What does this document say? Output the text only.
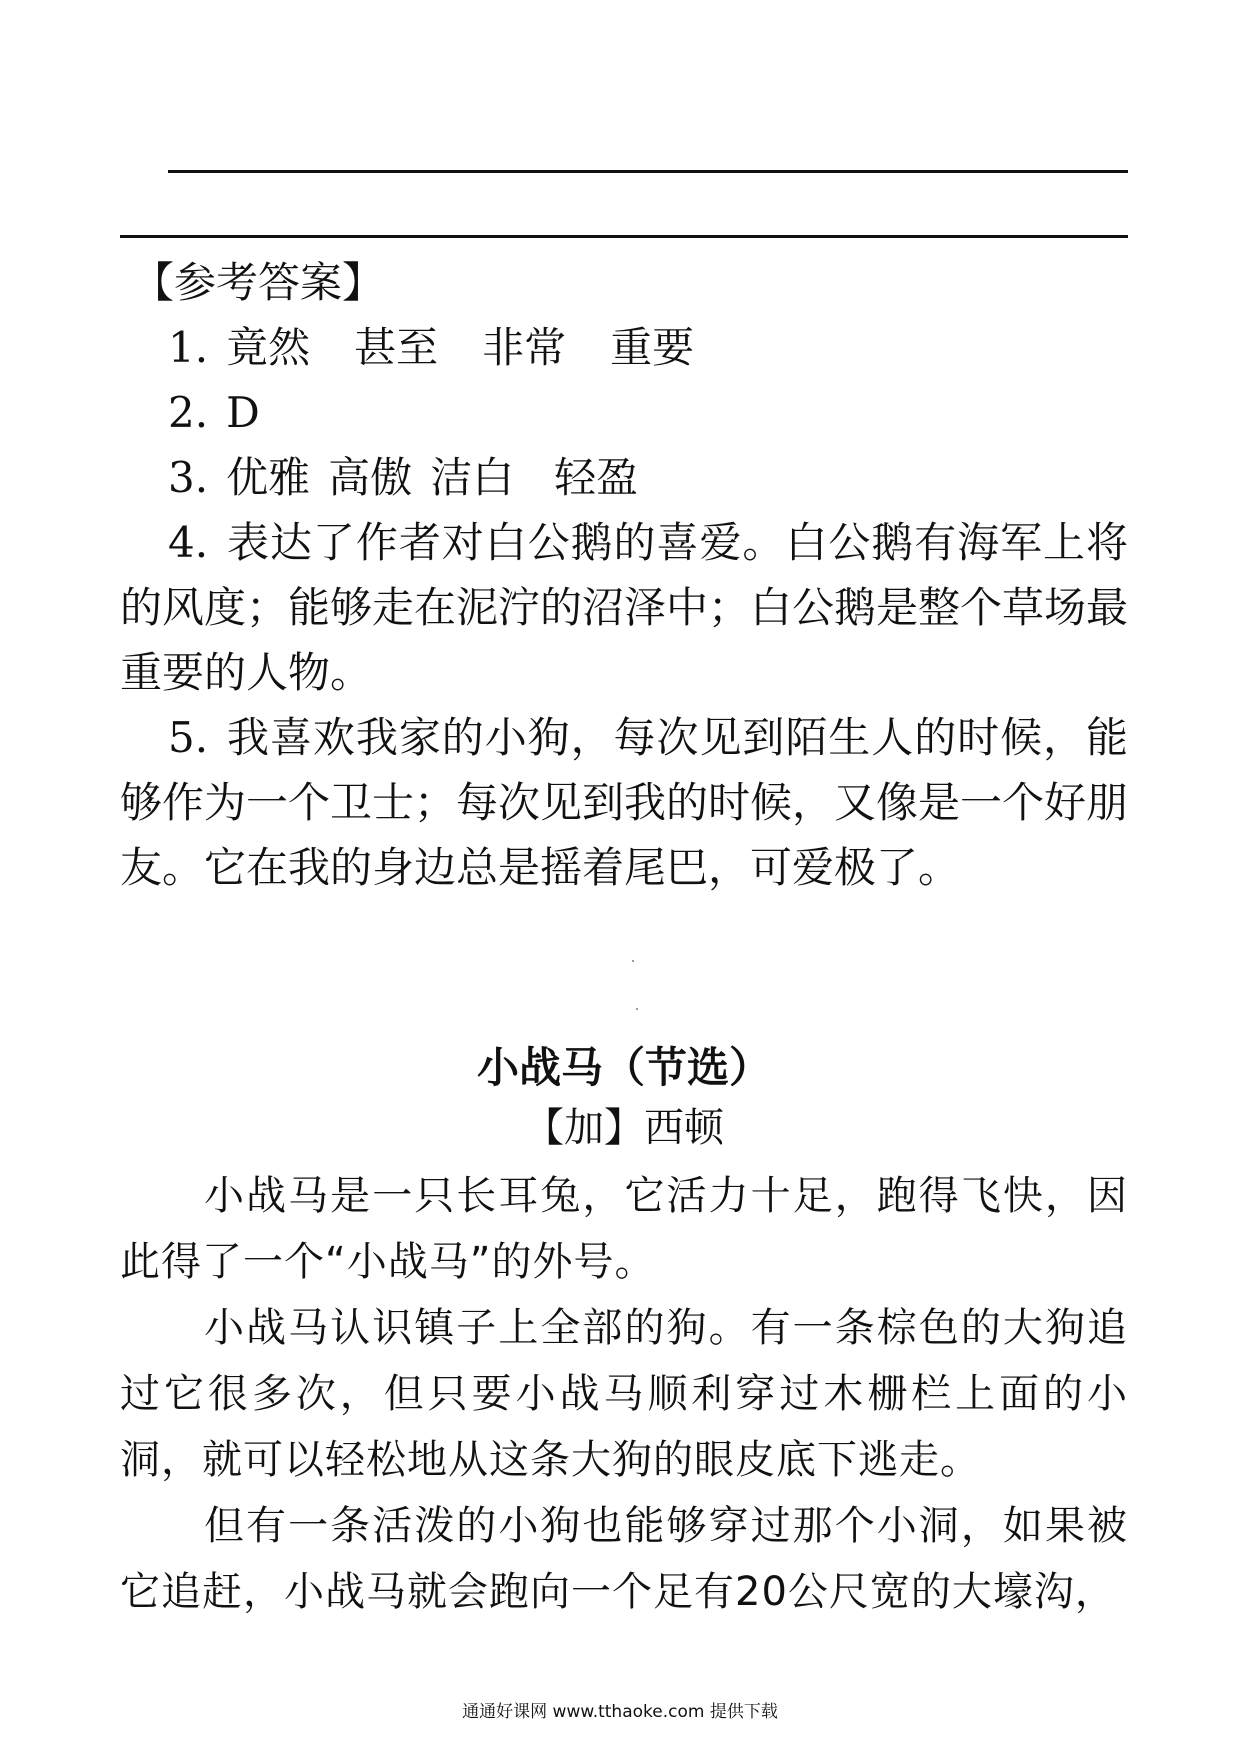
【参考答案】
1. 竟然 甚至 非常 重要
2. D
3. 优雅 高傲 洁白 轻盈
4. 表达了作者对白公鹅的喜爱。白公鹅有海军上将的风度；能够走在泥泞的沼泽中；白公鹅是整个草场最重要的人物。
5. 我喜欢我家的小狗，每次见到陌生人的时候，能够作为一个卫士；每次见到我的时候，又像是一个好朋友。它在我的身边总是摇着尾巴，可爱极了。
小战马（节选）
【加】西顿

小战马是一只长耳兔，它活力十足，跑得飞快，因此得了一个“小战马”的外号。

小战马认识镇子上全部的狗。有一条棕色的大狗追过它很多次，但只要小战马顺利穿过木栅栏上面的小洞，就可以轻松地从这条大狗的眼皮底下逃走。

但有一条活泼的小狗也能够穿过那个小洞，如果被它追赶，小战马就会跑向一个足有20公尺宽的大壕沟，

通通好课网 www.tthaoke.com 提供下载
